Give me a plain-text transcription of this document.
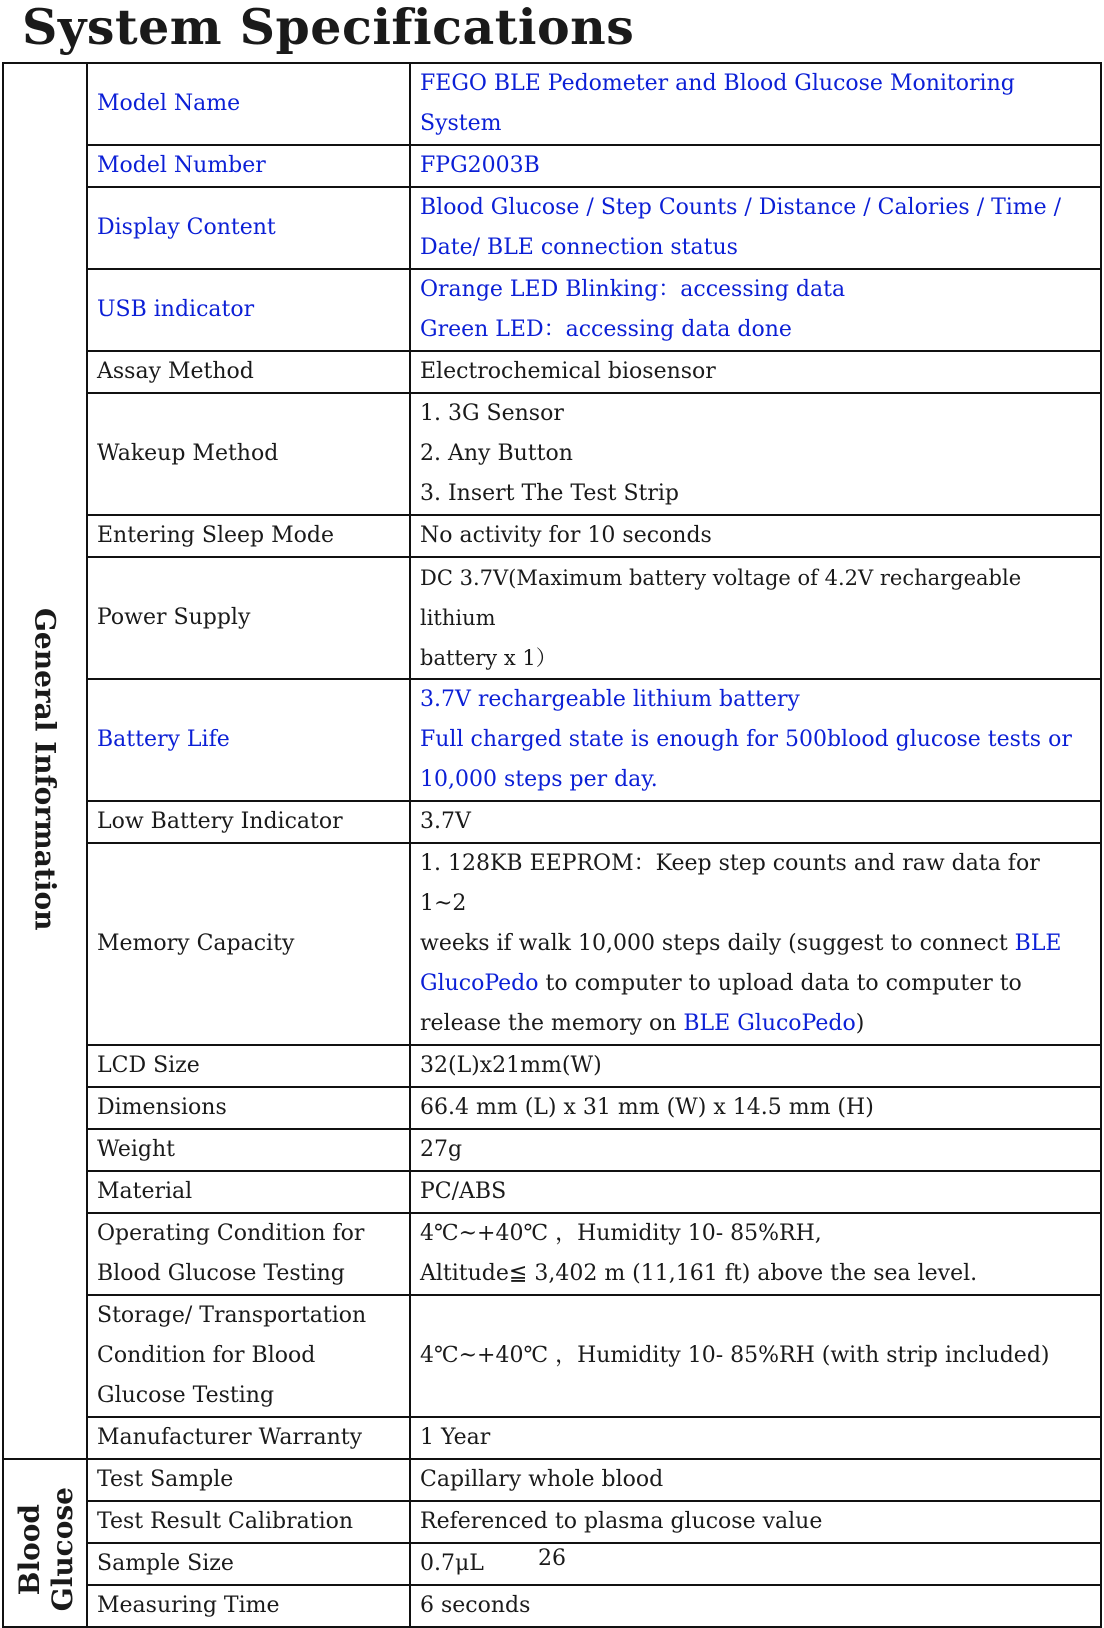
System Specifications
General Information	Model Name	FEGO BLE Pedometer and Blood Glucose Monitoring
System

	Model Number	FPG2003B

	Display Content	Blood Glucose / Step Counts / Distance / Calories / Time /
Date/ BLE connection status

	USB indicator	Orange LED Blinking：accessing data
Green LED：accessing data done

	Assay Method	Electrochemical biosensor

	Wakeup Method	1. 3G Sensor
2. Any Button
3. Insert The Test Strip

	Entering Sleep Mode	No activity for 10 seconds

	Power Supply	DC 3.7V(Maximum battery voltage of 4.2V rechargeable lithium
battery x 1）

	Battery Life	3.7V rechargeable lithium battery
Full charged state is enough for 500blood glucose tests or
10,000 steps per day.

	Low Battery Indicator	3.7V

	Memory Capacity	1. 128KB EEPROM：Keep step counts and raw data for 1~2
weeks if walk 10,000 steps daily (suggest to connect BLE
GlucoPedo to computer to upload data to computer to
release the memory on BLE GlucoPedo)

	LCD Size	32(L)x21mm(W)

	Dimensions	66.4 mm (L) x 31 mm (W) x 14.5 mm (H)

	Weight	27g

	Material	PC/ABS

	Operating Condition for
Blood Glucose Testing	4℃~+40℃ ，Humidity 10- 85%RH,
Altitude≦ 3,402 m (11,161 ft) above the sea level.

	Storage/ Transportation
Condition for Blood
Glucose Testing	4℃~+40℃ ，Humidity 10- 85%RH (with strip included)

	Manufacturer Warranty	1 Year

Blood
Glucose	Test Sample	Capillary whole blood

	Test Result Calibration	Referenced to plasma glucose value

	Sample Size	0.7μL

	Measuring Time	6 seconds
26
